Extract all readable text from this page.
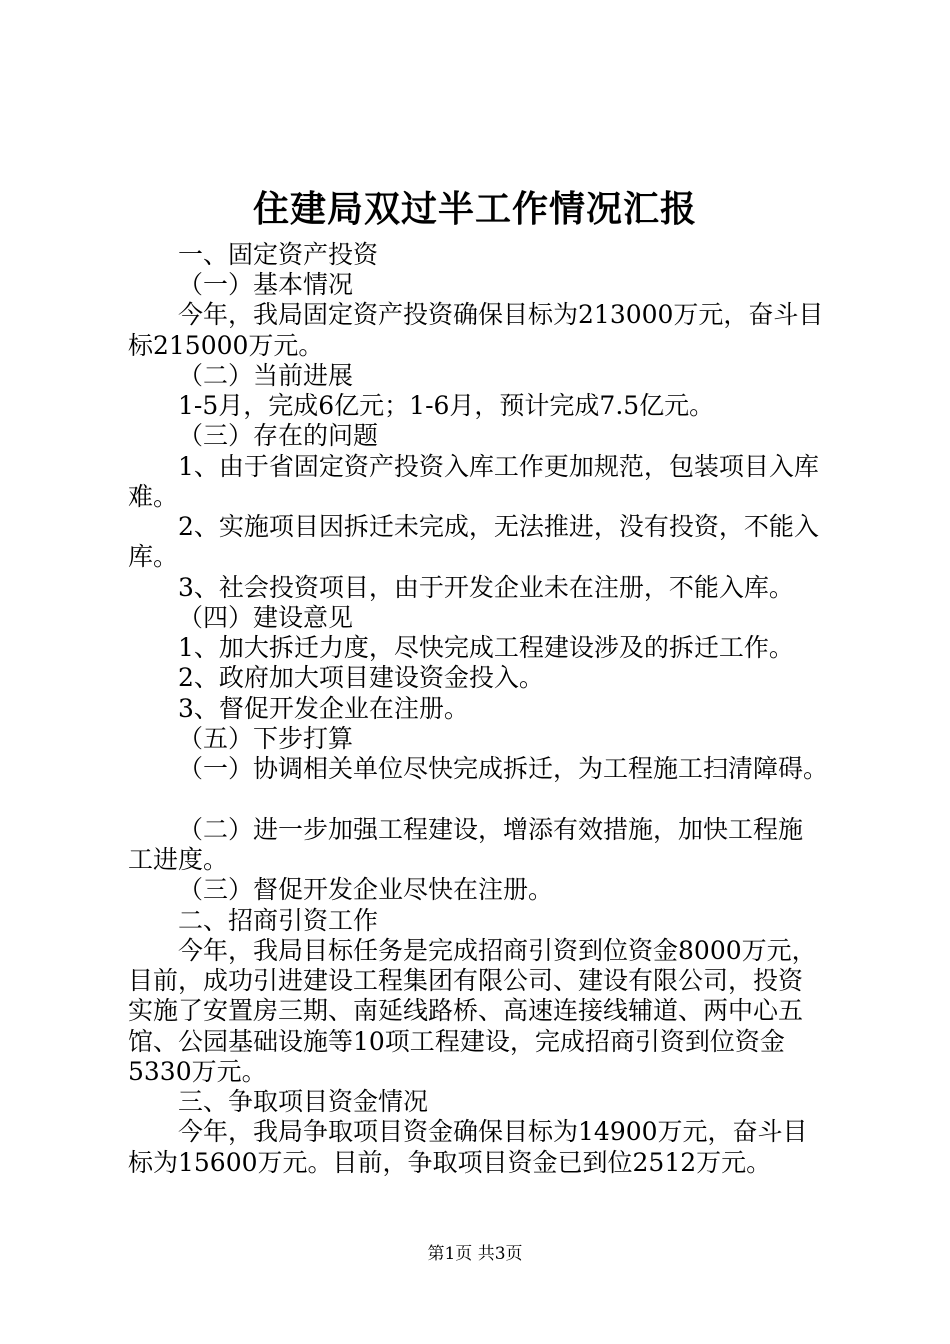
住建局双过半工作情况汇报

一、固定资产投资

（一）基本情况

今年，我局固定资产投资确保目标为213000万元，奋斗目

标215000万元。

（二）当前进展

1-5月，完成6亿元；1-6月，预计完成7.5亿元。

（三）存在的问题

1、由于省固定资产投资入库工作更加规范，包装项目入库

难。

2、实施项目因拆迁未完成，无法推进，没有投资，不能入

库。

3、社会投资项目，由于开发企业未在注册，不能入库。

（四）建设意见

1、加大拆迁力度，尽快完成工程建设涉及的拆迁工作。

2、政府加大项目建设资金投入。

3、督促开发企业在注册。

（五）下步打算

（一）协调相关单位尽快完成拆迁，为工程施工扫清障碍。

（二）进一步加强工程建设，增添有效措施，加快工程施

工进度。

（三）督促开发企业尽快在注册。

二、招商引资工作

今年，我局目标任务是完成招商引资到位资金8000万元，

目前，成功引进建设工程集团有限公司、建设有限公司，投资

实施了安置房三期、南延线路桥、高速连接线辅道、两中心五

馆、公园基础设施等10项工程建设，完成招商引资到位资金

5330万元。

三、争取项目资金情况

今年，我局争取项目资金确保目标为14900万元，奋斗目

标为15600万元。目前，争取项目资金已到位2512万元。

第1页 共3页
